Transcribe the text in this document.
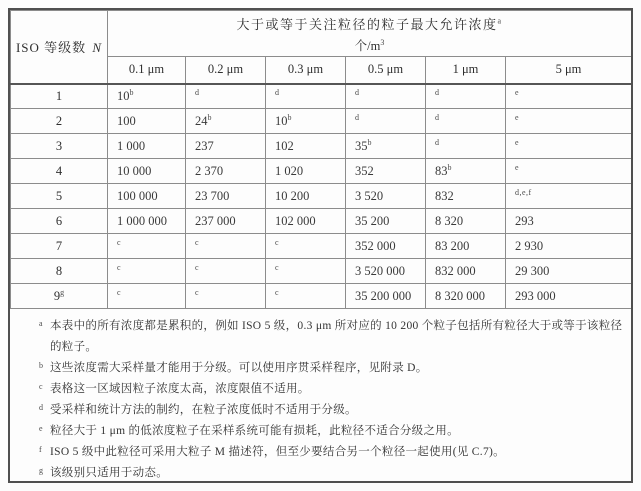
ISO 等级数 N	大于或等于关注粒径的粒子最大允许浓度$^a$
个$/m^3$

	0.1 μm	0.2 μm	0.3 μm	0.5 μm	1 μm	5 μm
1	10$^b$	$^d$	$^d$	$^d$	$^d$	$^e$
2	100	24$^b$	10$^b$	$^d$	$^d$	$^e$
3	1 000	237	102	35$^b$	$^d$	$^e$
4	10 000	2 370	1 020	352	83$^b$	$^e$
5	100 000	23 700	10 200	3 520	832	$^{d,e,f}$
6	1 000 000	237 000	102 000	35 200	8 320	293
7	$^c$	$^c$	$^c$	352 000	83 200	2 930
8	$^c$	$^c$	$^c$	3 520 000	832 000	29 300
9$^g$	$^c$	$^c$	$^c$	35 200 000	8 320 000	293 000
a 本表中的所有浓度都是累积的，例如 ISO 5 级，0.3 μm 所对应的 10 200 个粒子包括所有粒径大于或等于该粒径的粒子。
b 这些浓度需大采样量才能用于分级。可以使用序贯采样程序，见附录 D。
c 表格这一区域因粒子浓度太高，浓度限值不适用。
d 受采样和统计方法的制约，在粒子浓度低时不适用于分级。
e 粒径大于 1 μm 的低浓度粒子在采样系统可能有损耗，此粒径不适合分级之用。
f ISO 5 级中此粒径可采用大粒子 M 描述符，但至少要结合另一个粒径一起使用(见 C.7)。
g 该级别只适用于动态。
